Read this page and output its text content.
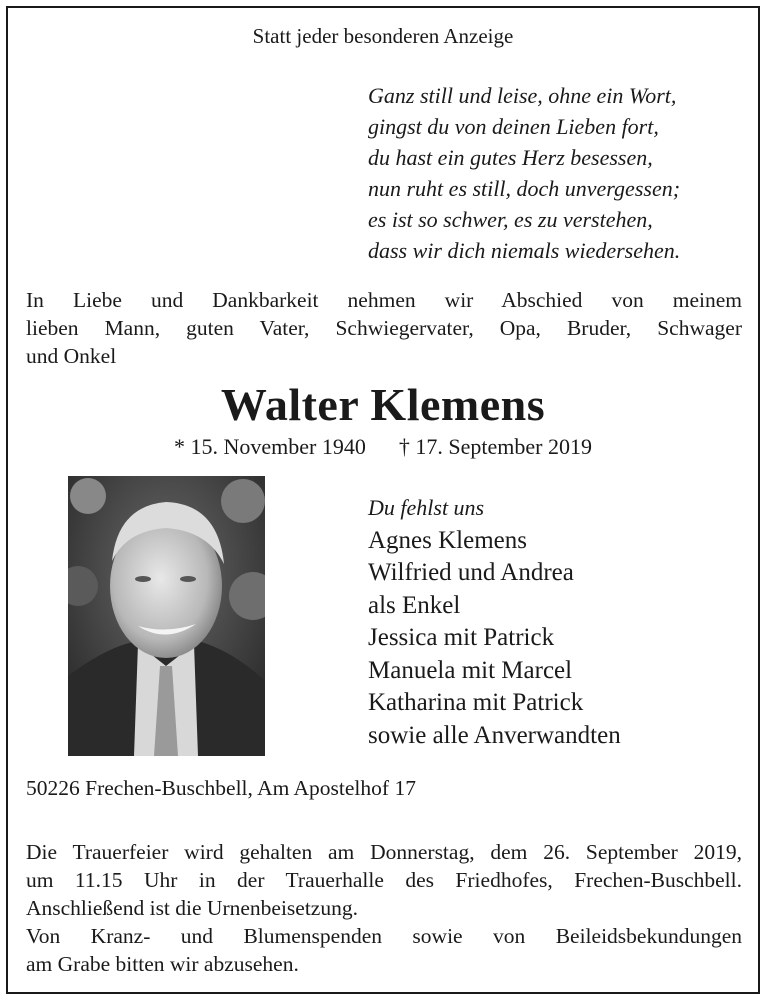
Statt jeder besonderen Anzeige
Ganz still und leise, ohne ein Wort,
gingst du von deinen Lieben fort,
du hast ein gutes Herz besessen,
nun ruht es still, doch unvergessen;
es ist so schwer, es zu verstehen,
dass wir dich niemals wiedersehen.
In Liebe und Dankbarkeit nehmen wir Abschied von meinem
lieben Mann, guten Vater, Schwiegervater, Opa, Bruder, Schwager
und Onkel
Walter Klemens
* 15. November 1940      † 17. September 2019
Du fehlst uns
Agnes Klemens
Wilfried und Andrea
als Enkel
Jessica mit Patrick
Manuela mit Marcel
Katharina mit Patrick
sowie alle Anverwandten
50226 Frechen-Buschbell, Am Apostelhof 17
Die Trauerfeier wird gehalten am Donnerstag, dem 26. September 2019,
um 11.15 Uhr in der Trauerhalle des Friedhofes, Frechen-Buschbell.
Anschließend ist die Urnenbeisetzung.
Von Kranz- und Blumenspenden sowie von Beileidsbekundungen
am Grabe bitten wir abzusehen.
